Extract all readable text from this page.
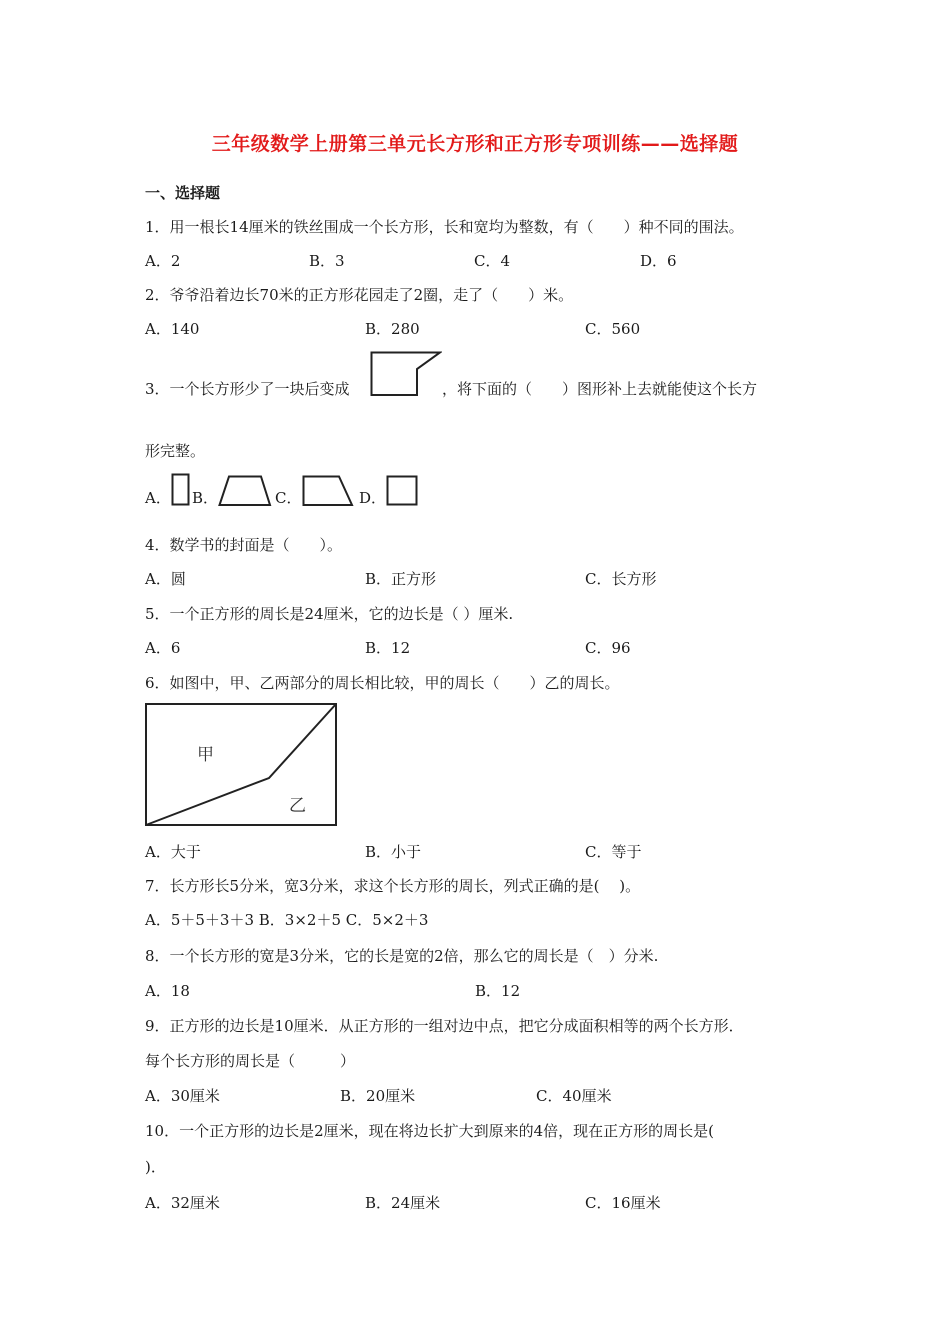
三年级数学上册第三单元长方形和正方形专项训练——选择题
一、选择题
1．用一根长14厘米的铁丝围成一个长方形，长和宽均为整数，有（　　）种不同的围法。
A．2	B．3	C．4	D．6
2．爷爷沿着边长70米的正方形花园走了2圈，走了（　　）米。
A．140	B．280	C．560
3．一个长方形少了一块后变成	，将下面的（　　）图形补上去就能使这个长方
形完整。
A． B．	C．	D．
4．数学书的封面是（　　）。
A．圆	B．正方形	C．长方形
5．一个正方形的周长是24厘米，它的边长是（ ）厘米.
A．6	B．12	C．96
6．如图中，甲、乙两部分的周长相比较，甲的周长（　　）乙的周长。
甲
乙
A．大于	B．小于	C．等于
7．长方形长5分米，宽3分米，求这个长方形的周长，列式正确的是(　 )。
A．5＋5＋3＋3 B．3×2＋5 C．5×2＋3
8．一个长方形的宽是3分米，它的长是宽的2倍，那么它的周长是（　）分米.
A．18	B．12
9．正方形的边长是10厘米．从正方形的一组对边中点，把它分成面积相等的两个长方形．
每个长方形的周长是（　　　）
A．30厘米	B．20厘米	C．40厘米
10．一个正方形的边长是2厘米，现在将边长扩大到原来的4倍，现在正方形的周长是(
)．
A．32厘米	B．24厘米	C．16厘米
